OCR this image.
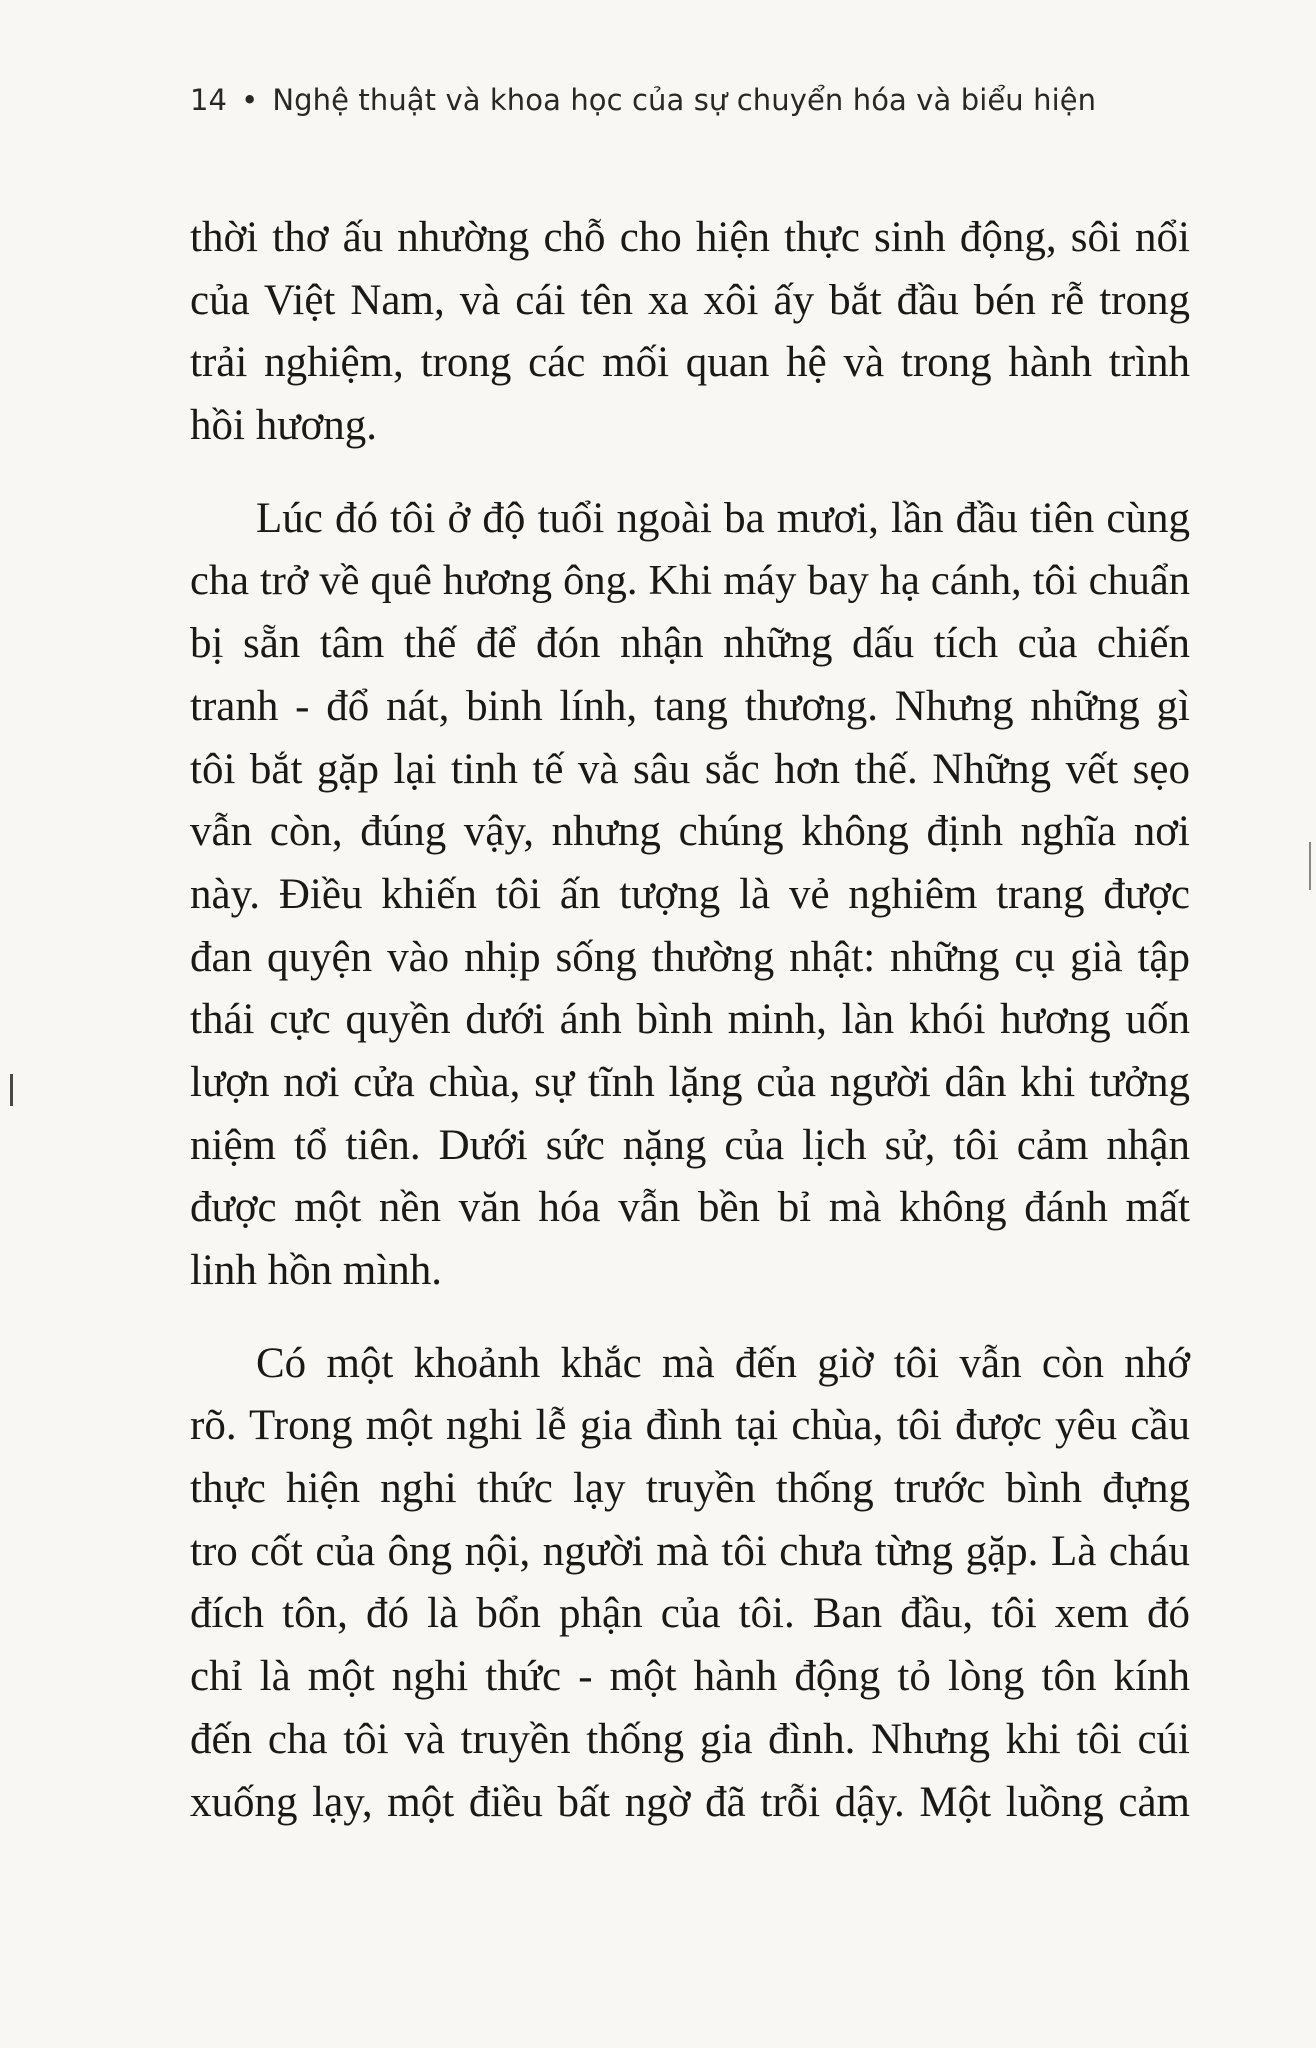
14 • Nghệ thuật và khoa học của sự chuyển hóa và biểu hiện
thời thơ ấu nhường chỗ cho hiện thực sinh động, sôi nổi
của Việt Nam, và cái tên xa xôi ấy bắt đầu bén rễ trong
trải nghiệm, trong các mối quan hệ và trong hành trình
hồi hương.
Lúc đó tôi ở độ tuổi ngoài ba mươi, lần đầu tiên cùng
cha trở về quê hương ông. Khi máy bay hạ cánh, tôi chuẩn
bị sẵn tâm thế để đón nhận những dấu tích của chiến
tranh - đổ nát, binh lính, tang thương. Nhưng những gì
tôi bắt gặp lại tinh tế và sâu sắc hơn thế. Những vết sẹo
vẫn còn, đúng vậy, nhưng chúng không định nghĩa nơi
này. Điều khiến tôi ấn tượng là vẻ nghiêm trang được
đan quyện vào nhịp sống thường nhật: những cụ già tập
thái cực quyền dưới ánh bình minh, làn khói hương uốn
lượn nơi cửa chùa, sự tĩnh lặng của người dân khi tưởng
niệm tổ tiên. Dưới sức nặng của lịch sử, tôi cảm nhận
được một nền văn hóa vẫn bền bỉ mà không đánh mất
linh hồn mình.
Có một khoảnh khắc mà đến giờ tôi vẫn còn nhớ
rõ. Trong một nghi lễ gia đình tại chùa, tôi được yêu cầu
thực hiện nghi thức lạy truyền thống trước bình đựng
tro cốt của ông nội, người mà tôi chưa từng gặp. Là cháu
đích tôn, đó là bổn phận của tôi. Ban đầu, tôi xem đó
chỉ là một nghi thức - một hành động tỏ lòng tôn kính
đến cha tôi và truyền thống gia đình. Nhưng khi tôi cúi
xuống lạy, một điều bất ngờ đã trỗi dậy. Một luồng cảm
